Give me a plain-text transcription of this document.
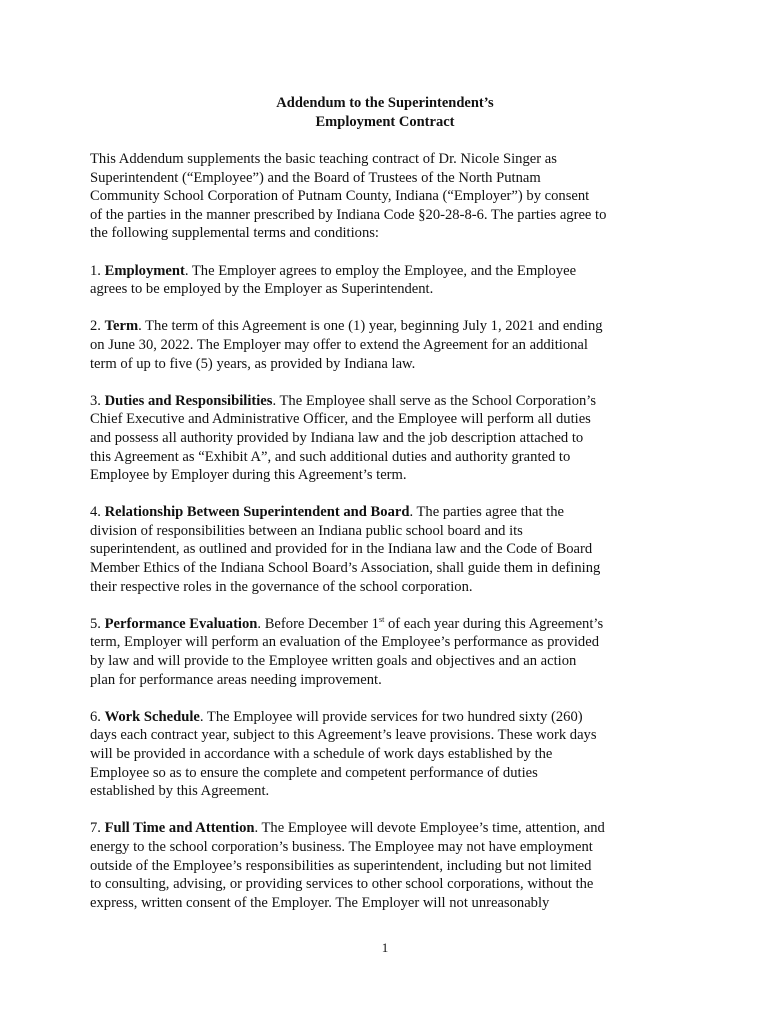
Addendum to the Superintendent’s
Employment Contract
This Addendum supplements the basic teaching contract of Dr. Nicole Singer as
Superintendent (“Employee”) and the Board of Trustees of the North Putnam
Community School Corporation of Putnam County, Indiana (“Employer”) by consent
of the parties in the manner prescribed by Indiana Code §20-28-8-6. The parties agree to
the following supplemental terms and conditions:
1. Employment. The Employer agrees to employ the Employee, and the Employee
agrees to be employed by the Employer as Superintendent.
2. Term. The term of this Agreement is one (1) year, beginning July 1, 2021 and ending
on June 30, 2022. The Employer may offer to extend the Agreement for an additional
term of up to five (5) years, as provided by Indiana law.
3. Duties and Responsibilities. The Employee shall serve as the School Corporation’s
Chief Executive and Administrative Officer, and the Employee will perform all duties
and possess all authority provided by Indiana law and the job description attached to
this Agreement as “Exhibit A”, and such additional duties and authority granted to
Employee by Employer during this Agreement’s term.
4. Relationship Between Superintendent and Board. The parties agree that the
division of responsibilities between an Indiana public school board and its
superintendent, as outlined and provided for in the Indiana law and the Code of Board
Member Ethics of the Indiana School Board’s Association, shall guide them in defining
their respective roles in the governance of the school corporation.
5. Performance Evaluation. Before December 1st of each year during this Agreement’s
term, Employer will perform an evaluation of the Employee’s performance as provided
by law and will provide to the Employee written goals and objectives and an action
plan for performance areas needing improvement.
6. Work Schedule. The Employee will provide services for two hundred sixty (260)
days each contract year, subject to this Agreement’s leave provisions. These work days
will be provided in accordance with a schedule of work days established by the
Employee so as to ensure the complete and competent performance of duties
established by this Agreement.
7. Full Time and Attention. The Employee will devote Employee’s time, attention, and
energy to the school corporation’s business. The Employee may not have employment
outside of the Employee’s responsibilities as superintendent, including but not limited
to consulting, advising, or providing services to other school corporations, without the
express, written consent of the Employer. The Employer will not unreasonably
1
